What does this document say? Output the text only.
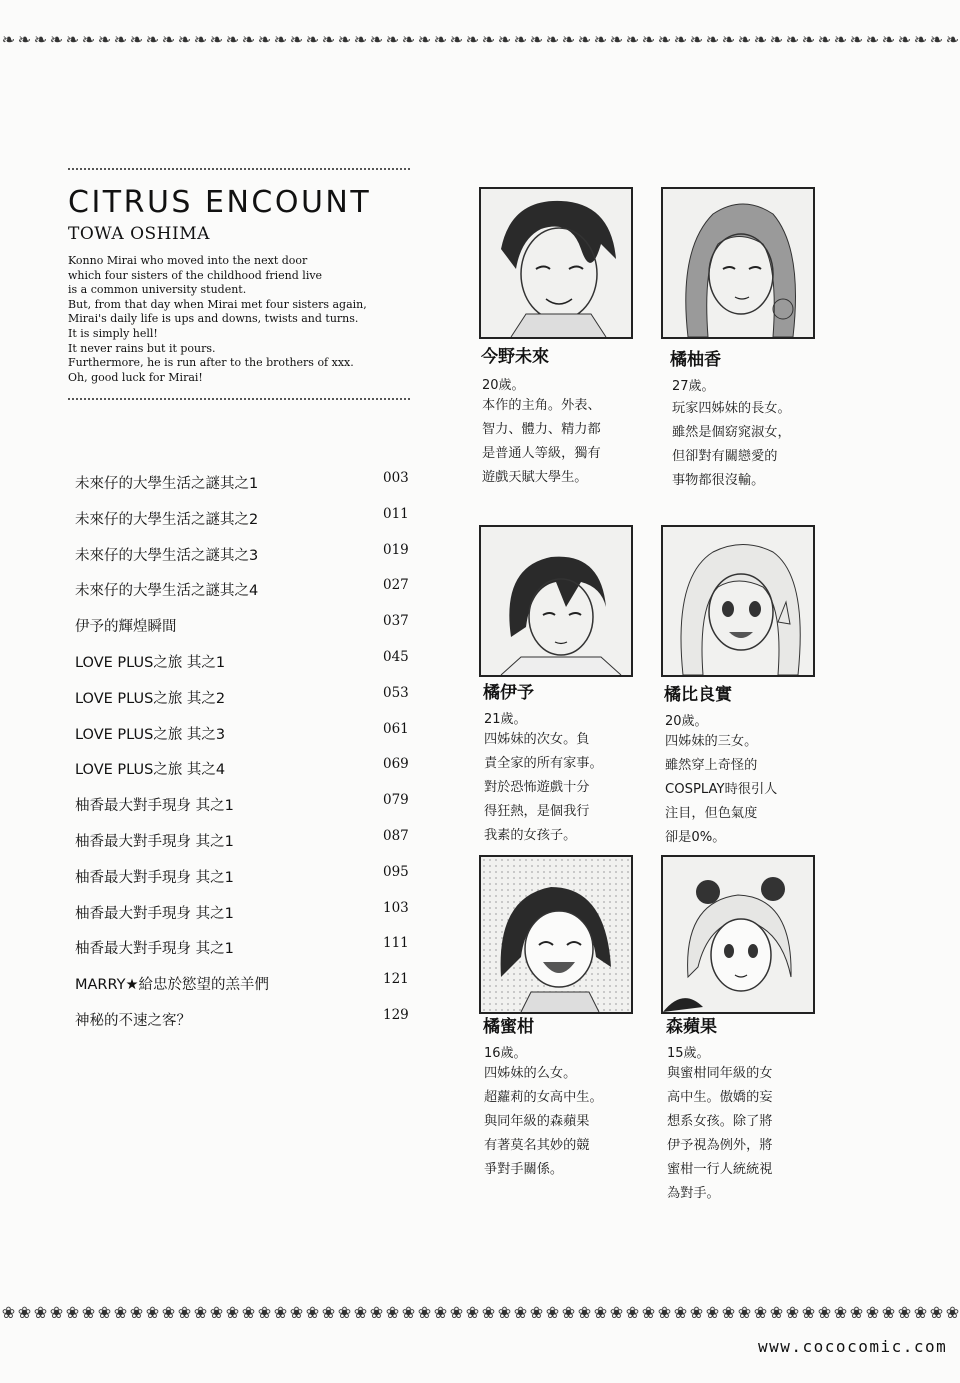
❧ ❧ ❧ ❧ ❧ ❧ ❧ ❧ ❧ ❧ ❧ ❧ ❧ ❧ ❧ ❧ ❧ ❧ ❧ ❧ ❧ ❧ ❧ ❧ ❧ ❧ ❧ ❧ ❧ ❧ ❧ ❧ ❧ ❧ ❧ ❧ ❧ ❧ ❧ ❧ ❧ ❧ ❧ ❧ ❧ ❧ ❧ ❧ ❧ ❧ ❧ ❧ ❧ ❧ ❧ ❧ ❧ ❧ ❧ ❧
CITRUS ENCOUNT
TOWA OSHIMA
Konno Mirai who moved into the next door
which four sisters of the childhood friend live
is a common university student.
But, from that day when Mirai met four sisters again,
Mirai's daily life is ups and downs, twists and turns.
It is simply hell!
It never rains but it pours.
Furthermore, he is run after to the brothers of xxx.
Oh, good luck for Mirai!
未來仔的大學生活之謎其之1	003
未來仔的大學生活之謎其之2	011
未來仔的大學生活之謎其之3	019
未來仔的大學生活之謎其之4	027
伊予的輝煌瞬間	037
LOVE PLUS之旅 其之1	045
LOVE PLUS之旅 其之2	053
LOVE PLUS之旅 其之3	061
LOVE PLUS之旅 其之4	069
柚香最大對手現身 其之1	079
柚香最大對手現身 其之1	087
柚香最大對手現身 其之1	095
柚香最大對手現身 其之1	103
柚香最大對手現身 其之1	111
MARRY★給忠於慾望的羔羊們	121
神秘的不速之客？	129
今野未來
20歲。
本作的主角。外表、
智力、體力、精力都
是普通人等級，獨有
遊戲天賦大學生。
橘柚香
27歲。
玩家四姊妹的長女。
雖然是個窈窕淑女，
但卻對有關戀愛的
事物都很沒輸。
橘伊予
21歲。
四姊妹的次女。負
責全家的所有家事。
對於恐怖遊戲十分
得狂熱，是個我行
我素的女孩子。
橘比良實
20歲。
四姊妹的三女。
雖然穿上奇怪的
COSPLAY時很引人
注目，但色氣度
卻是0%。
橘蜜柑
16歲。
四姊妹的么女。
超蘿莉的女高中生。
與同年級的森蘋果
有著莫名其妙的競
爭對手關係。
森蘋果
15歲。
與蜜柑同年級的女
高中生。傲嬌的妄
想系女孩。除了將
伊予視為例外，將
蜜柑一行人統統視
為對手。
❀ ❀ ❀ ❀ ❀ ❀ ❀ ❀ ❀ ❀ ❀ ❀ ❀ ❀ ❀ ❀ ❀ ❀ ❀ ❀ ❀ ❀ ❀ ❀ ❀ ❀ ❀ ❀ ❀ ❀ ❀ ❀ ❀ ❀ ❀ ❀ ❀ ❀ ❀ ❀ ❀ ❀ ❀ ❀ ❀ ❀ ❀ ❀ ❀ ❀ ❀ ❀ ❀ ❀ ❀ ❀ ❀ ❀ ❀ ❀
www.cococomic.com
